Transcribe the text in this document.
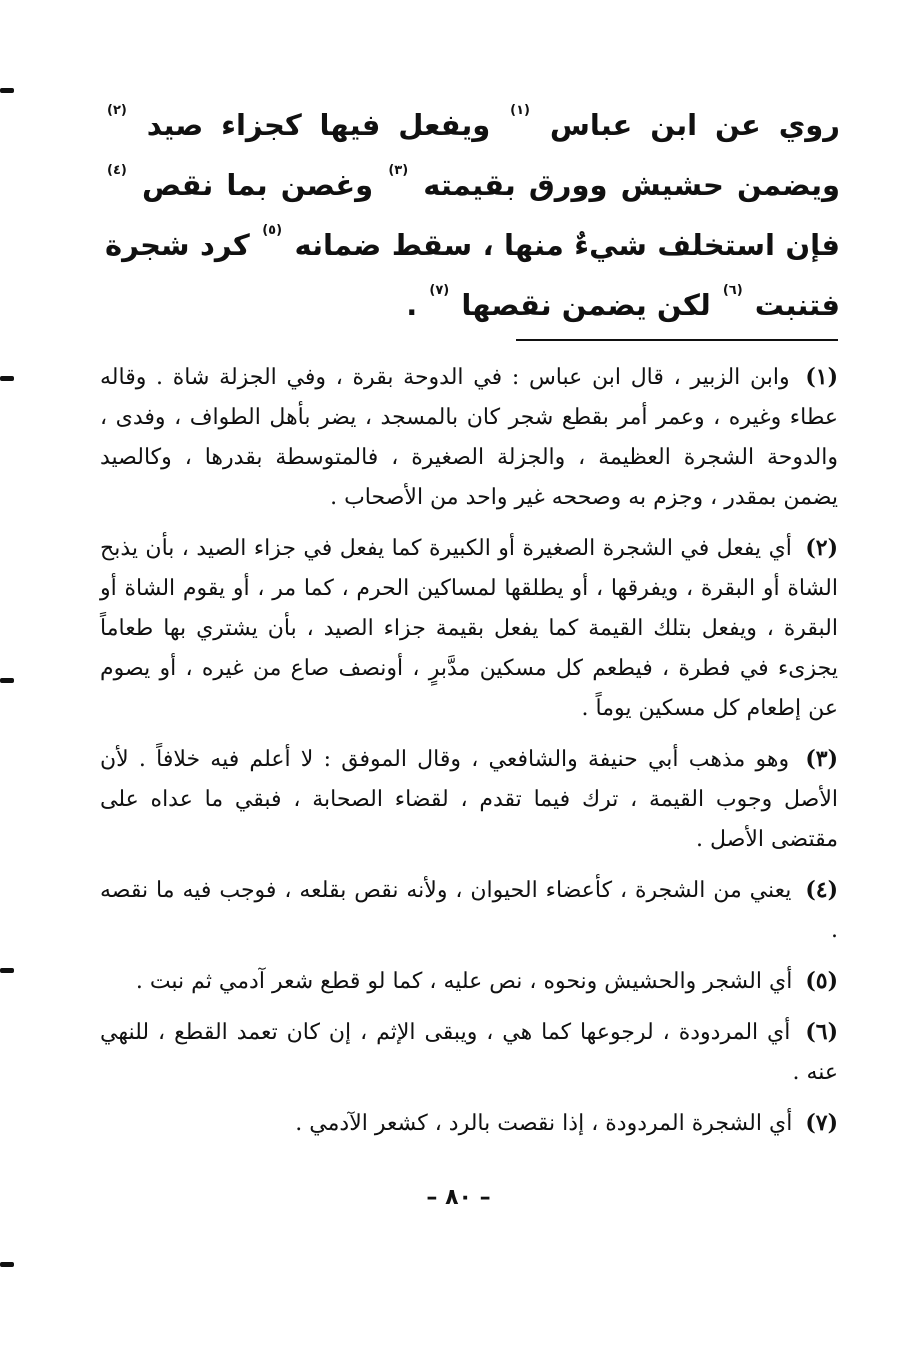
روي عن ابن عباس $^{(١)}$ ويفعل فيها كجزاء صيد $^{(٢)}$ ويضمن حشيش وورق بقيمته $^{(٣)}$ وغصن بما نقص $^{(٤)}$ فإن استخلف شيءٌ منها ، سقط ضمانه $^{(٥)}$ كرد شجرة فتنبت $^{(٦)}$ لكن يضمن نقصها $^{(٧)}$ .

(١) وابن الزبير ، قال ابن عباس : في الدوحة بقرة ، وفي الجزلة شاة . وقاله عطاء وغيره ، وعمر أمر بقطع شجر كان بالمسجد ، يضر بأهل الطواف ، وفدى ، والدوحة الشجرة العظيمة ، والجزلة الصغيرة ، فالمتوسطة بقدرها ، وكالصيد يضمن بمقدر ، وجزم به وصححه غير واحد من الأصحاب .
(٢) أي يفعل في الشجرة الصغيرة أو الكبيرة كما يفعل في جزاء الصيد ، بأن يذبح الشاة أو البقرة ، ويفرقها ، أو يطلقها لمساكين الحرم ، كما مر ، أو يقوم الشاة أو البقرة ، ويفعل بتلك القيمة كما يفعل بقيمة جزاء الصيد ، بأن يشتري بها طعاماً يجزىء في فطرة ، فيطعم كل مسكين مدَّبرٍ ، أونصف صاع من غيره ، أو يصوم عن إطعام كل مسكين يوماً .
(٣) وهو مذهب أبي حنيفة والشافعي ، وقال الموفق : لا أعلم فيه خلافاً . لأن الأصل وجوب القيمة ، ترك فيما تقدم ، لقضاء الصحابة ، فبقي ما عداه على مقتضى الأصل .
(٤) يعني من الشجرة ، كأعضاء الحيوان ، ولأنه نقص بقلعه ، فوجب فيه ما نقصه .
(٥) أي الشجر والحشيش ونحوه ، نص عليه ، كما لو قطع شعر آدمي ثم نبت .
(٦) أي المردودة ، لرجوعها كما هي ، ويبقى الإثم ، إن كان تعمد القطع ، للنهي عنه .
(٧) أي الشجرة المردودة ، إذا نقصت بالرد ، كشعر الآدمي .
– ٨٠ –
